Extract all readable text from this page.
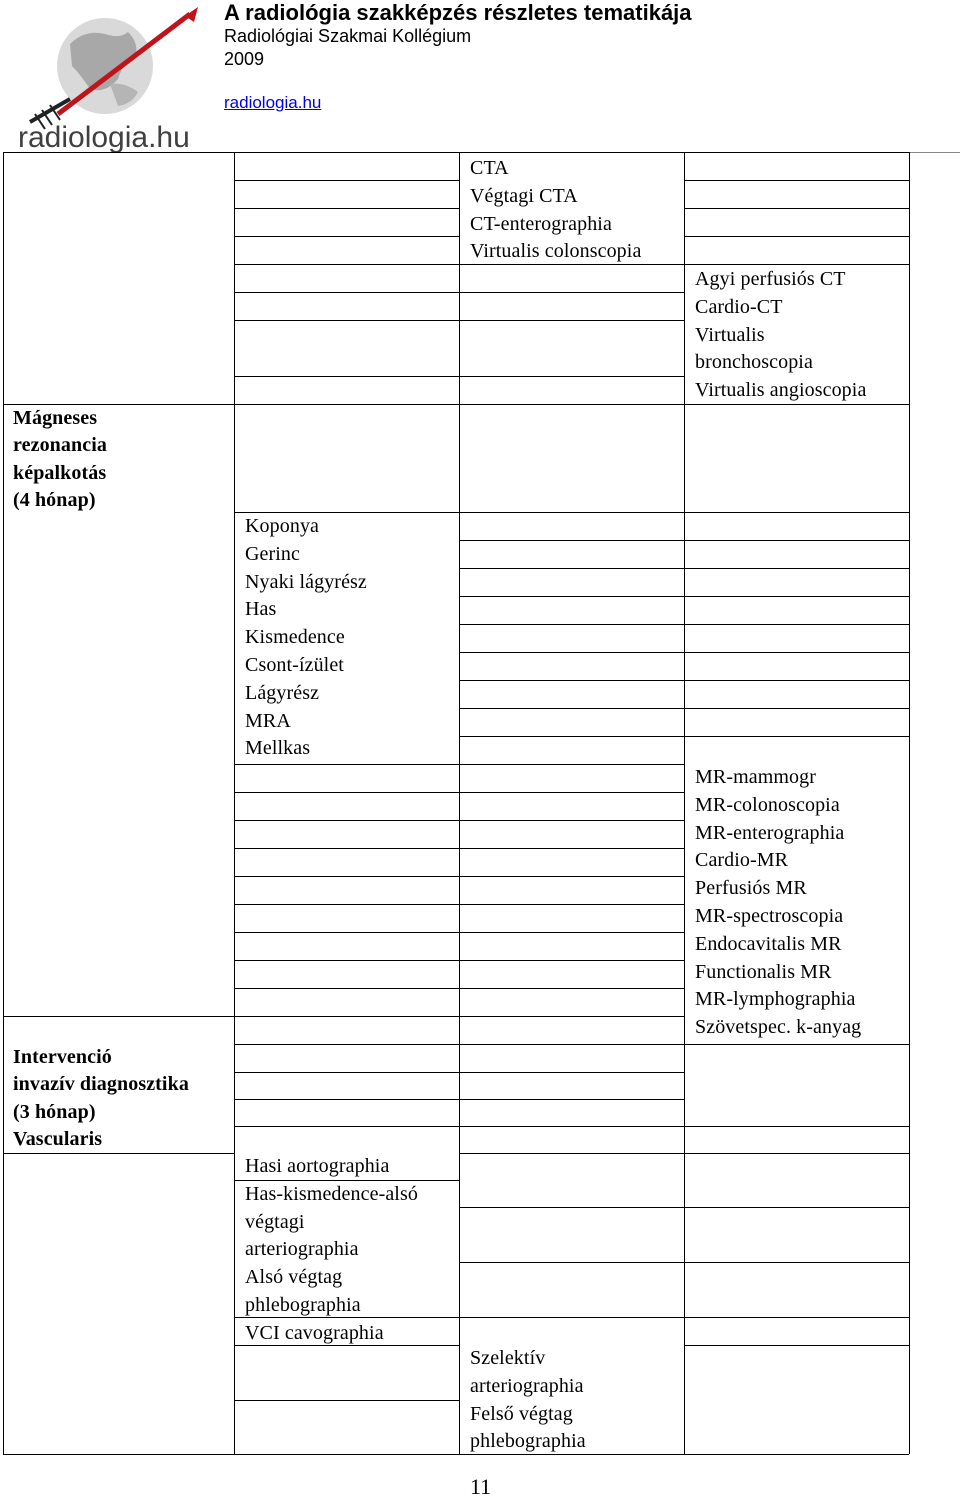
radiologia.hu
A radiológia szakképzés részletes tematikája
Radiológiai Szakmai Kollégium
2009
radiologia.hu
CTA
Végtagi CTA
CT-enterographia
Virtualis colonscopia
Agyi perfusiós CT
Cardio-CT
Virtualis
bronchoscopia
Virtualis angioscopia
Mágneses
rezonancia
képalkotás
(4 hónap)
Koponya
Gerinc
Nyaki lágyrész
Has
Kismedence
Csont-ízület
Lágyrész
MRA
Mellkas
MR-mammogr
MR-colonoscopia
MR-enterographia
Cardio-MR
Perfusiós MR
MR-spectroscopia
Endocavitalis MR
Functionalis MR
MR-lymphographia
Szövetspec. k-anyag
Intervenció
invazív diagnosztika
(3 hónap)
Vascularis
Hasi aortographia
Has-kismedence-alsó
végtagi
arteriographia
Alsó végtag
phlebographia
VCI cavographia
Szelektív
arteriographia
Felső végtag
phlebographia
11
